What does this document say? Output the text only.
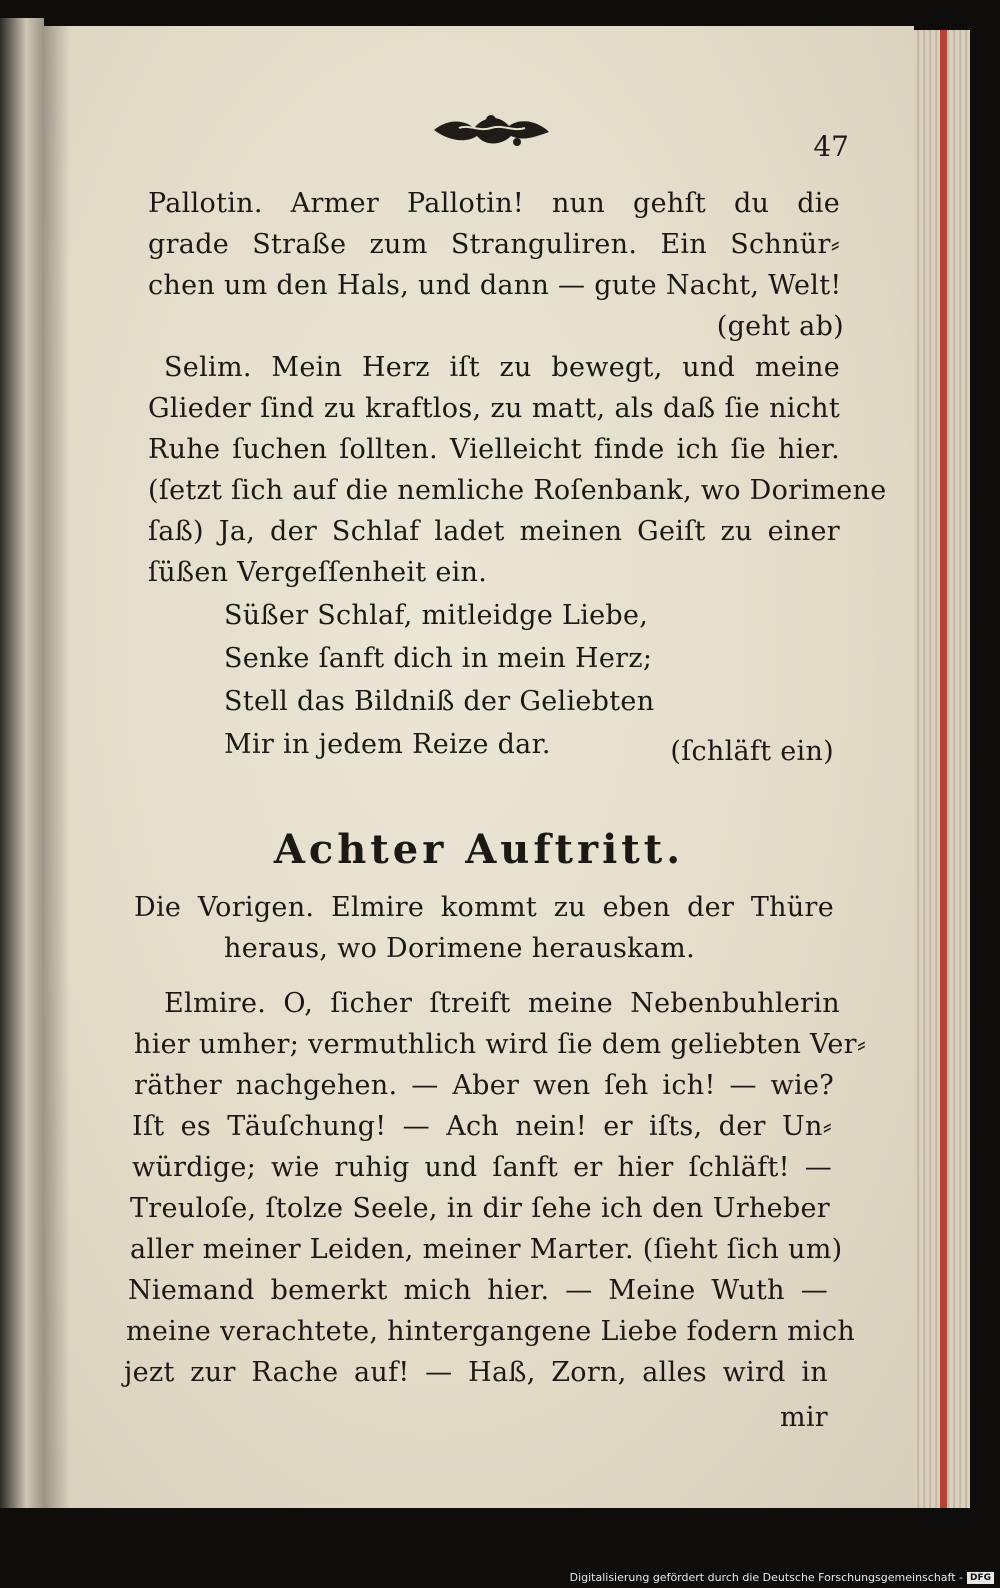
47
Pallotin. Armer Pallotin! nun gehſt du die
grade Straße zum Stranguliren. Ein Schnür⸗
chen um den Hals, und dann — gute Nacht, Welt!
(geht ab)
Selim. Mein Herz iſt zu bewegt, und meine
Glieder ſind zu kraftlos, zu matt, als daß ſie nicht
Ruhe ſuchen ſollten. Vielleicht finde ich ſie hier.
(ſetzt ſich auf die nemliche Roſenbank, wo Dorimene
ſaß) Ja, der Schlaf ladet meinen Geiſt zu einer
ſüßen Vergeſſenheit ein.
Süßer Schlaf, mitleidge Liebe,
Senke ſanft dich in mein Herz;
Stell das Bildniß der Geliebten
Mir in jedem Reize dar.	(ſchläft ein)
Achter Auftritt.
Die Vorigen. Elmire kommt zu eben der Thüre
heraus, wo Dorimene herauskam.
Elmire. O, ſicher ſtreift meine Nebenbuhlerin
hier umher; vermuthlich wird ſie dem geliebten Ver⸗
räther nachgehen. — Aber wen ſeh ich! — wie?
Iſt es Täuſchung! — Ach nein! er iſts, der Un⸗
würdige; wie ruhig und ſanft er hier ſchläft! —
Treuloſe, ſtolze Seele, in dir ſehe ich den Urheber
aller meiner Leiden, meiner Marter. (ſieht ſich um)
Niemand bemerkt mich hier. — Meine Wuth —
meine verachtete, hintergangene Liebe fodern mich
jezt zur Rache auf! — Haß, Zorn, alles wird in
mir
Digitalisierung gefördert durch die Deutsche Forschungsgemeinschaft - DFG
